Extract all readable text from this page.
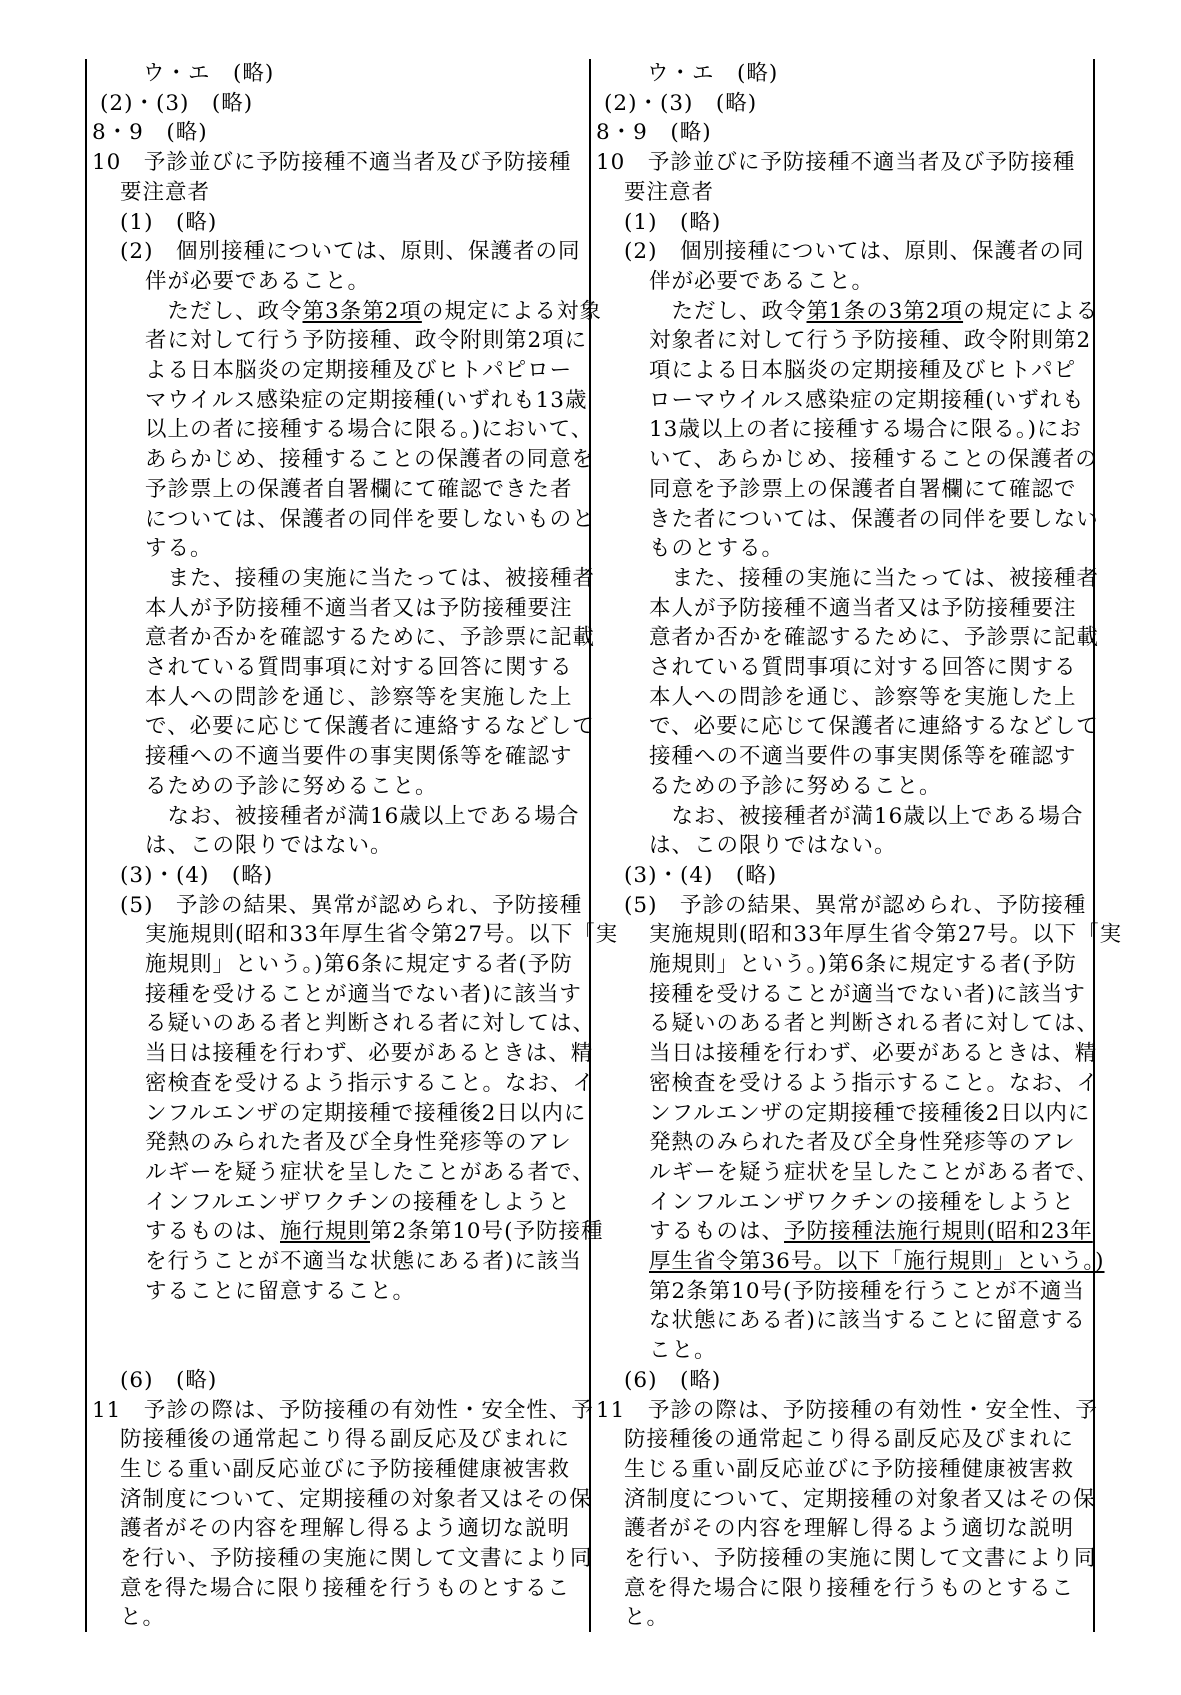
ウ・エ　(略)
(2)・(3)　(略)
8・9　(略)
10　予診並びに予防接種不適当者及び予防接種
要注意者
(1)　(略)
(2)　個別接種については、原則、保護者の同
伴が必要であること。
　ただし、政令第3条第2項の規定による対象
者に対して行う予防接種、政令附則第2項に
よる日本脳炎の定期接種及びヒトパピロー
マウイルス感染症の定期接種(いずれも13歳
以上の者に接種する場合に限る。)において、
あらかじめ、接種することの保護者の同意を
予診票上の保護者自署欄にて確認できた者
については、保護者の同伴を要しないものと
する。
　また、接種の実施に当たっては、被接種者
本人が予防接種不適当者又は予防接種要注
意者か否かを確認するために、予診票に記載
されている質問事項に対する回答に関する
本人への問診を通じ、診察等を実施した上
で、必要に応じて保護者に連絡するなどして
接種への不適当要件の事実関係等を確認す
るための予診に努めること。
　なお、被接種者が満16歳以上である場合
は、この限りではない。
(3)・(4)　(略)
(5)　予診の結果、異常が認められ、予防接種
実施規則(昭和33年厚生省令第27号。以下「実
施規則」という。)第6条に規定する者(予防
接種を受けることが適当でない者)に該当す
る疑いのある者と判断される者に対しては、
当日は接種を行わず、必要があるときは、精
密検査を受けるよう指示すること。なお、イ
ンフルエンザの定期接種で接種後2日以内に
発熱のみられた者及び全身性発疹等のアレ
ルギーを疑う症状を呈したことがある者で、
インフルエンザワクチンの接種をしようと
するものは、施行規則第2条第10号(予防接種
を行うことが不適当な状態にある者)に該当
することに留意すること。
(6)　(略)
11　予診の際は、予防接種の有効性・安全性、予
防接種後の通常起こり得る副反応及びまれに
生じる重い副反応並びに予防接種健康被害救
済制度について、定期接種の対象者又はその保
護者がその内容を理解し得るよう適切な説明
を行い、予防接種の実施に関して文書により同
意を得た場合に限り接種を行うものとするこ
と。
ウ・エ　(略)
(2)・(3)　(略)
8・9　(略)
10　予診並びに予防接種不適当者及び予防接種
要注意者
(1)　(略)
(2)　個別接種については、原則、保護者の同
伴が必要であること。
　ただし、政令第1条の3第2項の規定による
対象者に対して行う予防接種、政令附則第2
項による日本脳炎の定期接種及びヒトパピ
ローマウイルス感染症の定期接種(いずれも
13歳以上の者に接種する場合に限る。)にお
いて、あらかじめ、接種することの保護者の
同意を予診票上の保護者自署欄にて確認で
きた者については、保護者の同伴を要しない
ものとする。
　また、接種の実施に当たっては、被接種者
本人が予防接種不適当者又は予防接種要注
意者か否かを確認するために、予診票に記載
されている質問事項に対する回答に関する
本人への問診を通じ、診察等を実施した上
で、必要に応じて保護者に連絡するなどして
接種への不適当要件の事実関係等を確認す
るための予診に努めること。
　なお、被接種者が満16歳以上である場合
は、この限りではない。
(3)・(4)　(略)
(5)　予診の結果、異常が認められ、予防接種
実施規則(昭和33年厚生省令第27号。以下「実
施規則」という。)第6条に規定する者(予防
接種を受けることが適当でない者)に該当す
る疑いのある者と判断される者に対しては、
当日は接種を行わず、必要があるときは、精
密検査を受けるよう指示すること。なお、イ
ンフルエンザの定期接種で接種後2日以内に
発熱のみられた者及び全身性発疹等のアレ
ルギーを疑う症状を呈したことがある者で、
インフルエンザワクチンの接種をしようと
するものは、予防接種法施行規則(昭和23年
厚生省令第36号。以下「施行規則」という。)
第2条第10号(予防接種を行うことが不適当
な状態にある者)に該当することに留意する
こと。
(6)　(略)
11　予診の際は、予防接種の有効性・安全性、予
防接種後の通常起こり得る副反応及びまれに
生じる重い副反応並びに予防接種健康被害救
済制度について、定期接種の対象者又はその保
護者がその内容を理解し得るよう適切な説明
を行い、予防接種の実施に関して文書により同
意を得た場合に限り接種を行うものとするこ
と。
